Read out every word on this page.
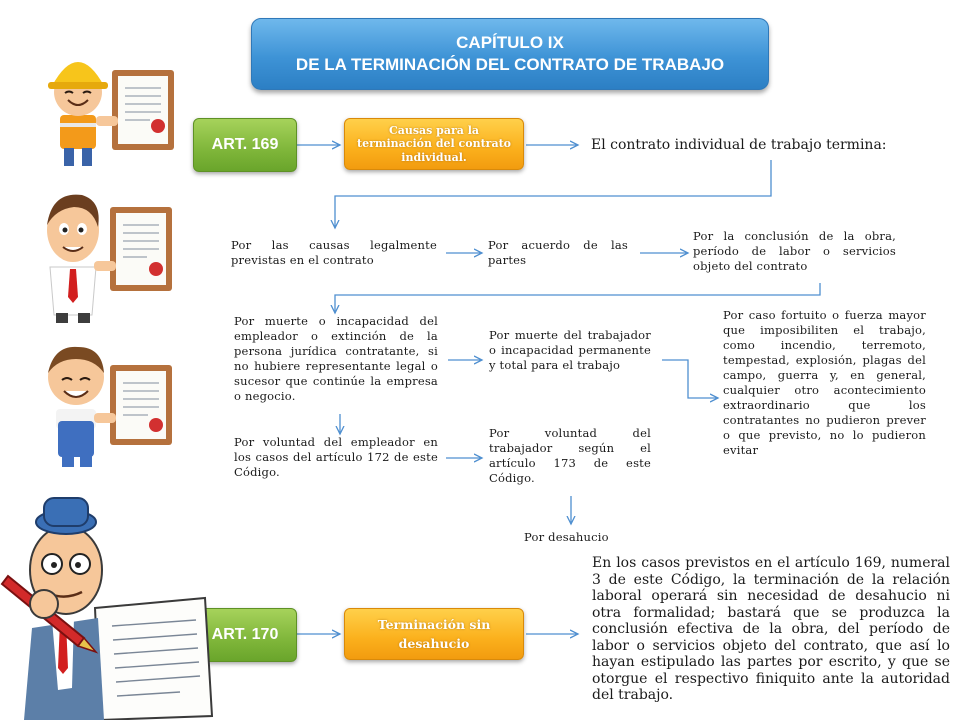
CAPÍTULO IX
DE LA TERMINACIÓN DEL CONTRATO DE TRABAJO
ART. 169
Causas para la terminación del contrato individual.
El contrato individual de trabajo termina:
Por las causas legalmente previstas en el contrato
Por acuerdo de las partes
Por la conclusión de la obra, período de labor o servicios objeto del contrato
Por muerte o incapacidad del empleador o extinción de la persona jurídica contratante, si no hubiere representante legal o sucesor que continúe la empresa o negocio.
Por muerte del trabajador o incapacidad permanente y total para el trabajo
Por caso fortuito o fuerza mayor que imposibiliten el trabajo, como incendio, terremoto, tempestad, explosión, plagas del campo, guerra y, en general, cualquier otro acontecimiento extraordinario que los contratantes no pudieron prever o que previsto, no lo pudieron evitar
Por voluntad del empleador en los casos del artículo 172 de este Código.
Por voluntad del trabajador según el artículo 173 de este Código.
Por desahucio
ART. 170
Terminación sin desahucio
En los casos previstos en el artículo 169, numeral 3 de este Código, la terminación de la relación laboral operará sin necesidad de desahucio ni otra formalidad; bastará que se produzca la conclusión efectiva de la obra, del período de labor o servicios objeto del contrato, que así lo hayan estipulado las partes por escrito, y que se otorgue el respectivo finiquito ante la autoridad del trabajo.
